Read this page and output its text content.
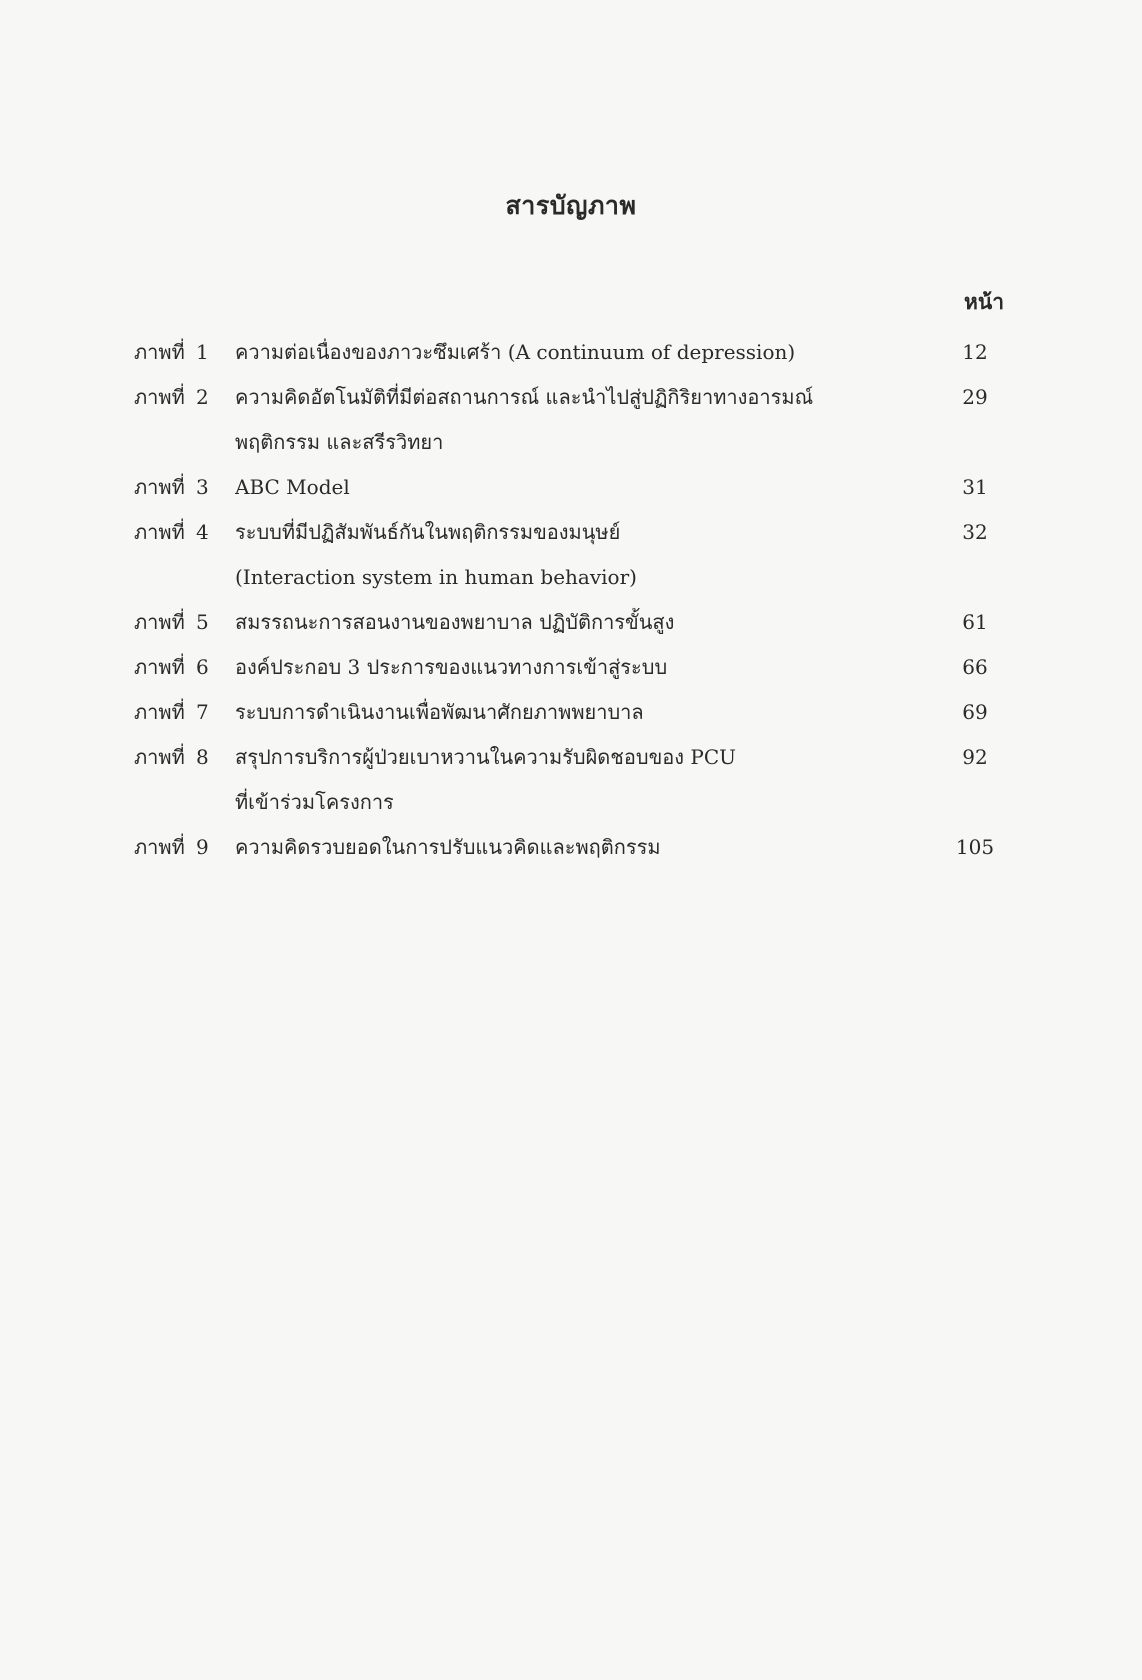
สารบัญภาพ
หน้า
ภาพที่ 1	ความต่อเนื่องของภาวะซึมเศร้า (A continuum of depression)	12
ภาพที่ 2	ความคิดอัตโนมัติที่มีต่อสถานการณ์ และนำไปสู่ปฏิกิริยาทางอารมณ์	29
พฤติกรรม และสรีรวิทยา
ภาพที่ 3	ABC Model	31
ภาพที่ 4	ระบบที่มีปฏิสัมพันธ์กันในพฤติกรรมของมนุษย์	32
(Interaction system in human behavior)
ภาพที่ 5	สมรรถนะการสอนงานของพยาบาล ปฏิบัติการขั้นสูง	61
ภาพที่ 6	องค์ประกอบ 3 ประการของแนวทางการเข้าสู่ระบบ	66
ภาพที่ 7	ระบบการดำเนินงานเพื่อพัฒนาศักยภาพพยาบาล	69
ภาพที่ 8	สรุปการบริการผู้ป่วยเบาหวานในความรับผิดชอบของ PCU	92
ที่เข้าร่วมโครงการ
ภาพที่ 9	ความคิดรวบยอดในการปรับแนวคิดและพฤติกรรม	105
